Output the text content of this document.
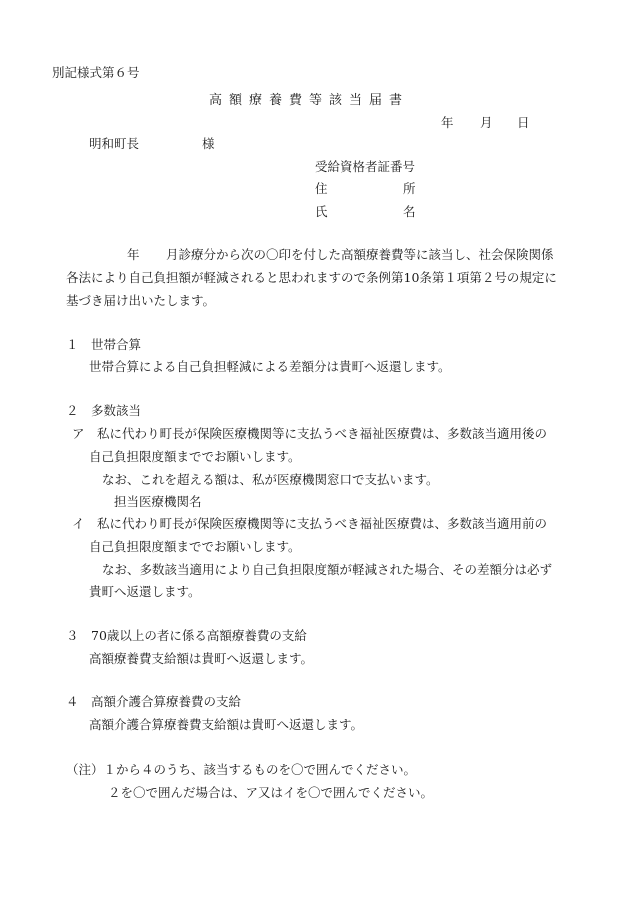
別記様式第６号
高額療養費等該当届書
年 月 日
明和町長	様
受給資格者証番号
住	所
氏	名
年 月診療分から次の〇印を付した高額療養費等に該当し、社会保険関係
各法により自己負担額が軽減されると思われますので条例第10条第１項第２号の規定に
基づき届け出いたします。
１　世帯合算
世帯合算による自己負担軽減による差額分は貴町へ返還します。
２　多数該当
ア　私に代わり町長が保険医療機関等に支払うべき福祉医療費は、多数該当適用後の
自己負担限度額まででお願いします。
なお、これを超える額は、私が医療機関窓口で支払います。
担当医療機関名
イ　私に代わり町長が保険医療機関等に支払うべき福祉医療費は、多数該当適用前の
自己負担限度額まででお願いします。
なお、多数該当適用により自己負担限度額が軽減された場合、その差額分は必ず
貴町へ返還します。
３　70歳以上の者に係る高額療養費の支給
高額療養費支給額は貴町へ返還します。
４　高額介護合算療養費の支給
高額介護合算療養費支給額は貴町へ返還します。
（注）１から４のうち、該当するものを〇で囲んでください。
２を〇で囲んだ場合は、ア又はイを〇で囲んでください。
